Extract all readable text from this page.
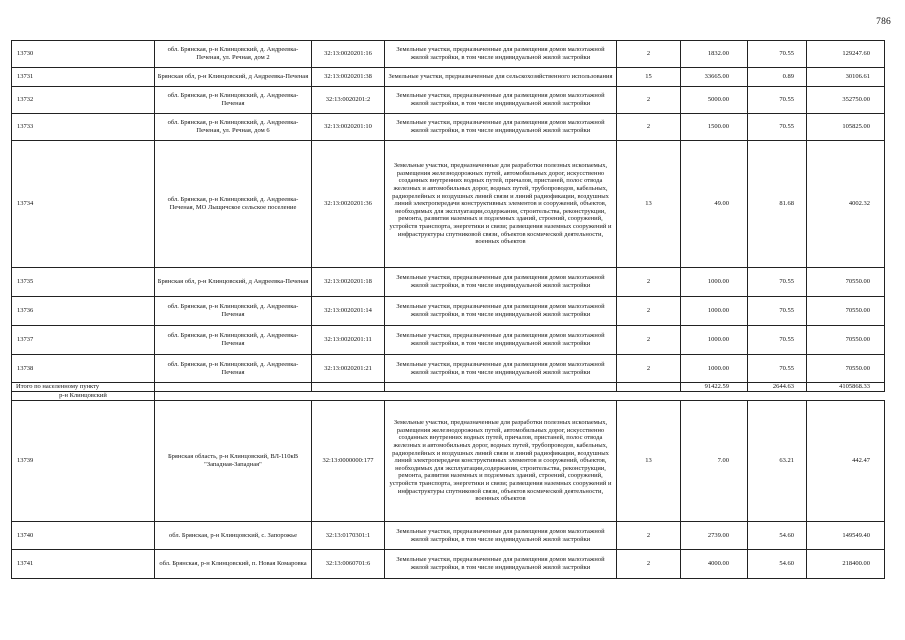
786
13730	обл. Брянская, р-н Клинцовский, д. Андреевка-Печеная, ул. Речная, дом 2	32:13:0020201:16	Земельные участки, предназначенные для размещения домов малоэтажной жилой застройки, в том числе индивидуальной жилой застройки	2	1832.00	70.55	129247.60
13731	Брянская обл, р-н Клинцовский, д Андреевка-Печеная	32:13:0020201:38	Земельные участки, предназначенные для сельскохозяйственного использования	15	33665.00	0.89	30106.61
13732	обл. Брянская, р-н Клинцовский, д. Андреевка-Печеная	32:13:0020201:2	Земельные участки, предназначенные для размещения домов малоэтажной жилой застройки, в том числе индивидуальной жилой застройки	2	5000.00	70.55	352750.00
13733	обл. Брянская, р-н Клинцовский, д. Андреевка-Печеная, ул. Речная, дом 6	32:13:0020201:10	Земельные участки, предназначенные для размещения домов малоэтажной жилой застройки, в том числе индивидуальной жилой застройки	2	1500.00	70.55	105825.00
13734	обл. Брянская, р-н Клинцовский, д. Андреевка-Печеная, МО Лыщичское сельское поселение	32:13:0020201:36	Земельные участки, предназначенные для разработки полезных ископаемых, размещения железнодорожных путей, автомобильных дорог, искусственно созданных внутренних водных путей, причалов, пристаней, полос отвода железных и автомобильных дорог, водных путей, трубопроводов, кабельных, радиорелейных и воздушных линий связи и линий радиофикации, воздушных линий электропередачи конструктивных элементов и сооружений, объектов, необходимых для эксплуатации,содержания, строительства, реконструкции, ремонта, развития наземных и подземных зданий, строений, сооружений, устройств транспорта, энергетики и связи; размещения наземных сооружений и инфраструктуры спутниковой связи, объектов космической деятельности, военных объектов	13	49.00	81.68	4002.32
13735	Брянская обл, р-н Клинцовский, д Андреевка-Печеная	32:13:0020201:18	Земельные участки, предназначенные для размещения домов малоэтажной жилой застройки, в том числе индивидуальной жилой застройки	2	1000.00	70.55	70550.00
13736	обл. Брянская, р-н Клинцовский, д. Андреевка-Печеная	32:13:0020201:14	Земельные участки, предназначенные для размещения домов малоэтажной жилой застройки, в том числе индивидуальной жилой застройки	2	1000.00	70.55	70550.00
13737	обл. Брянская, р-н Клинцовский, д. Андреевка-Печеная	32:13:0020201:11	Земельные участки, предназначенные для размещения домов малоэтажной жилой застройки, в том числе индивидуальной жилой застройки	2	1000.00	70.55	70550.00
13738	обл. Брянская, р-н Клинцовский, д. Андреевка-Печеная	32:13:0020201:21	Земельные участки, предназначенные для размещения домов малоэтажной жилой застройки, в том числе индивидуальной жилой застройки	2	1000.00	70.55	70550.00
Итого по населенному пункту					91422.59	2644.63	4105868.33
р-н Клинцовский							
13739	Брянская область, р-н Клинцовский, ВЛ-110кВ "Западная-Западная"	32:13:0000000:177	Земельные участки, предназначенные для разработки полезных ископаемых, размещения железнодорожных путей, автомобильных дорог, искусственно созданных внутренних водных путей, причалов, пристаней, полос отвода железных и автомобильных дорог, водных путей, трубопроводов, кабельных, радиорелейных и воздушных линий связи и линий радиофикации, воздушных линий электропередачи конструктивных элементов и сооружений, объектов, необходимых для эксплуатации,содержания, строительства, реконструкции, ремонта, развития наземных и подземных зданий, строений, сооружений, устройств транспорта, энергетики и связи; размещения наземных сооружений и инфраструктуры спутниковой связи, объектов космической деятельности, военных объектов	13	7.00	63.21	442.47
13740	обл. Брянская, р-н Клинцовский, с. Запорожье	32:13:0170301:1	Земельные участки, предназначенные для размещения домов малоэтажной жилой застройки, в том числе индивидуальной жилой застройки	2	2739.00	54.60	149549.40
13741	обл. Брянская, р-н Клинцовский, п. Новая Комаровка	32:13:0060701:6	Земельные участки, предназначенные для размещения домов малоэтажной жилой застройки, в том числе индивидуальной жилой застройки	2	4000.00	54.60	218400.00
